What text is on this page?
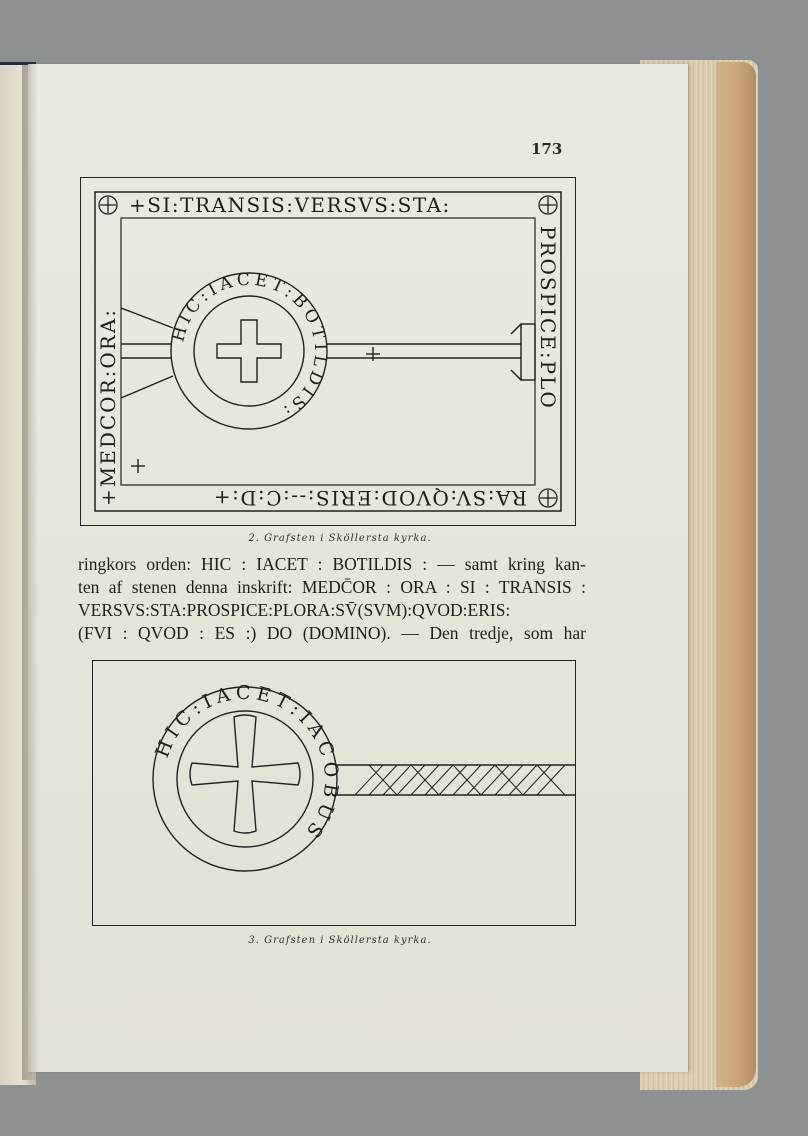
173
+SI:TRANSIS:VERSVS:STA:
PROSPICE:PLO
RA:SV:QVOD:ERIS:--:C:D:+
+MEDCOR:ORA:	HIC:IACET:BOTILDIS:
2. Grafsten i Sköllersta kyrka.
ringkors orden: HIC : IACET : BOTILDIS : — samt kring kan-
ten af stenen denna inskrift: MEDC̄OR : ORA : SI : TRANSIS :
VERSVS:STA:PROSPICE:PLORA:SV̄(SVM):QVOD:ERIS:
(FVI : QVOD : ES :) DO (DOMINO). — Den tredje, som har
HIC:IACET:IACOBUS
3. Grafsten i Sköllersta kyrka.
